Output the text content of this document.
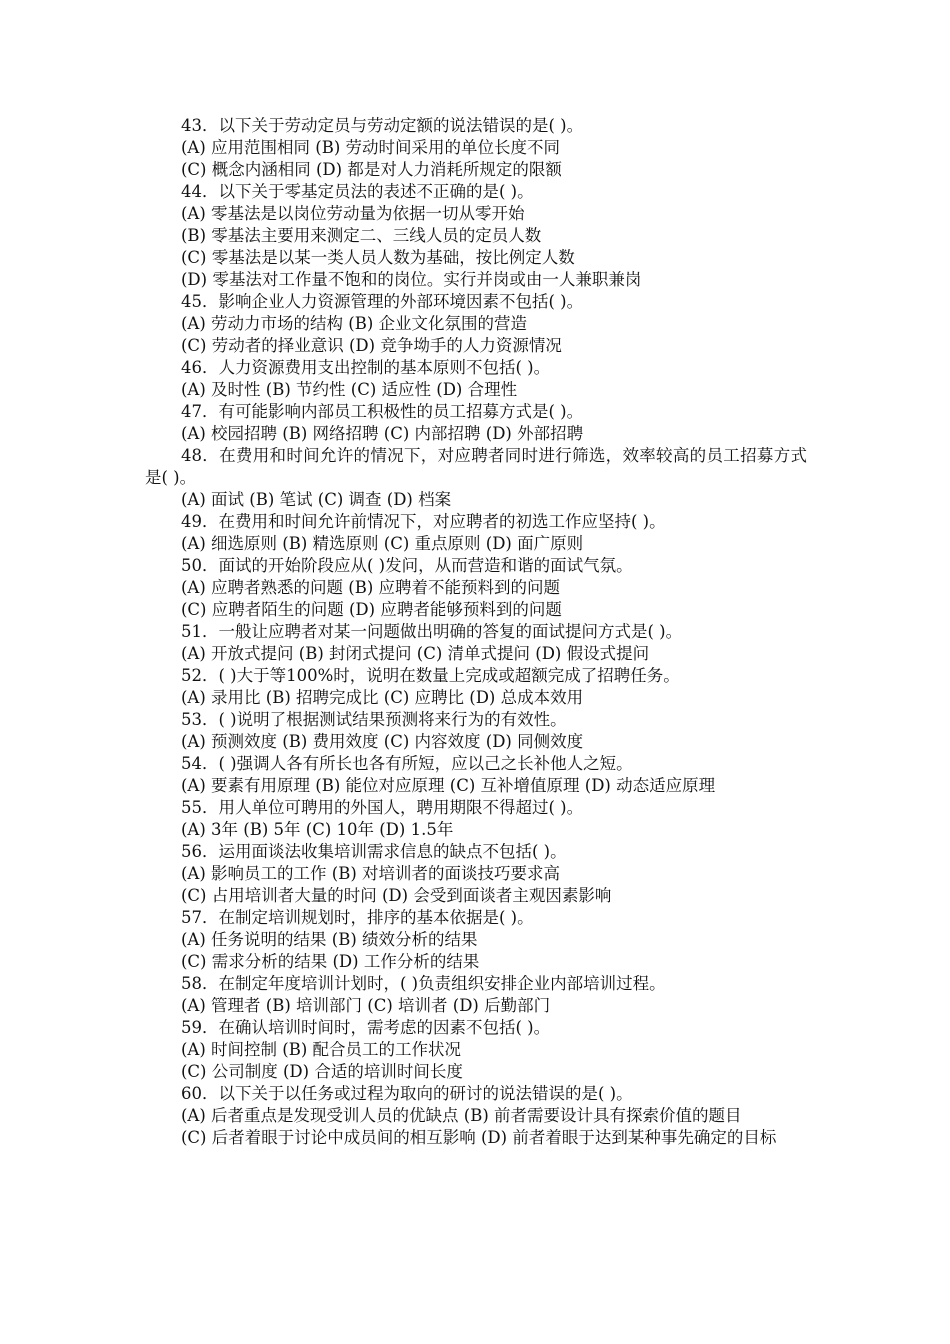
43．以下关于劳动定员与劳动定额的说法错误的是( )。
(A) 应用范围相同 (B) 劳动时间采用的单位长度不同
(C) 概念内涵相同 (D) 都是对人力消耗所规定的限额
44．以下关于零基定员法的表述不正确的是( )。
(A) 零基法是以岗位劳动量为依据一切从零开始
(B) 零基法主要用来测定二、三线人员的定员人数
(C) 零基法是以某一类人员人数为基础，按比例定人数
(D) 零基法对工作量不饱和的岗位。实行并岗或由一人兼职兼岗
45．影响企业人力资源管理的外部环境因素不包括( )。
(A) 劳动力市场的结构 (B) 企业文化氛围的营造
(C) 劳动者的择业意识 (D) 竞争坳手的人力资源情况
46．人力资源费用支出控制的基本原则不包括( )。
(A) 及时性 (B) 节约性 (C) 适应性 (D) 合理性
47．有可能影响内部员工积极性的员工招募方式是( )。
(A) 校园招聘 (B) 网络招聘 (C) 内部招聘 (D) 外部招聘
48．在费用和时间允许的情况下，对应聘者同时进行筛选，效率较高的员工招募方式是( )。
(A) 面试 (B) 笔试 (C) 调查 (D) 档案
49．在费用和时间允许前情况下，对应聘者的初选工作应坚持( )。
(A) 细选原则 (B) 精选原则 (C) 重点原则 (D) 面广原则
50．面试的开始阶段应从( )发问，从而营造和谐的面试气氛。
(A) 应聘者熟悉的问题 (B) 应聘着不能预料到的问题
(C) 应聘者陌生的问题 (D) 应聘者能够预料到的问题
51．一般让应聘者对某一问题做出明确的答复的面试提问方式是( )。
(A) 开放式提问 (B) 封闭式提问 (C) 清单式提问 (D) 假设式提问
52．( )大于等100%时，说明在数量上完成或超额完成了招聘任务。
(A) 录用比 (B) 招聘完成比 (C) 应聘比 (D) 总成本效用
53．( )说明了根据测试结果预测将来行为的有效性。
(A) 预测效度 (B) 费用效度 (C) 内容效度 (D) 同侧效度
54．( )强调人各有所长也各有所短，应以己之长补他人之短。
(A) 要素有用原理 (B) 能位对应原理 (C) 互补增值原理 (D) 动态适应原理
55．用人单位可聘用的外国人，聘用期限不得超过( )。
(A) 3年 (B) 5年 (C) 10年 (D) 1.5年
56．运用面谈法收集培训需求信息的缺点不包括( )。
(A) 影响员工的工作 (B) 对培训者的面谈技巧要求高
(C) 占用培训者大量的时问 (D) 会受到面谈者主观因素影响
57．在制定培训规划时，排序的基本依据是( )。
(A) 任务说明的结果 (B) 绩效分析的结果
(C) 需求分析的结果 (D) 工作分析的结果
58．在制定年度培训计划时，( )负责组织安排企业内部培训过程。
(A) 管理者 (B) 培训部门 (C) 培训者 (D) 后勤部门
59．在确认培训时间时，需考虑的因素不包括( )。
(A) 时间控制 (B) 配合员工的工作状况
(C) 公司制度 (D) 合适的培训时间长度
60．以下关于以任务或过程为取向的研讨的说法错误的是( )。
(A) 后者重点是发现受训人员的优缺点 (B) 前者需要设计具有探索价值的题目
(C) 后者着眼于讨论中成员间的相互影响 (D) 前者着眼于达到某种事先确定的目标
